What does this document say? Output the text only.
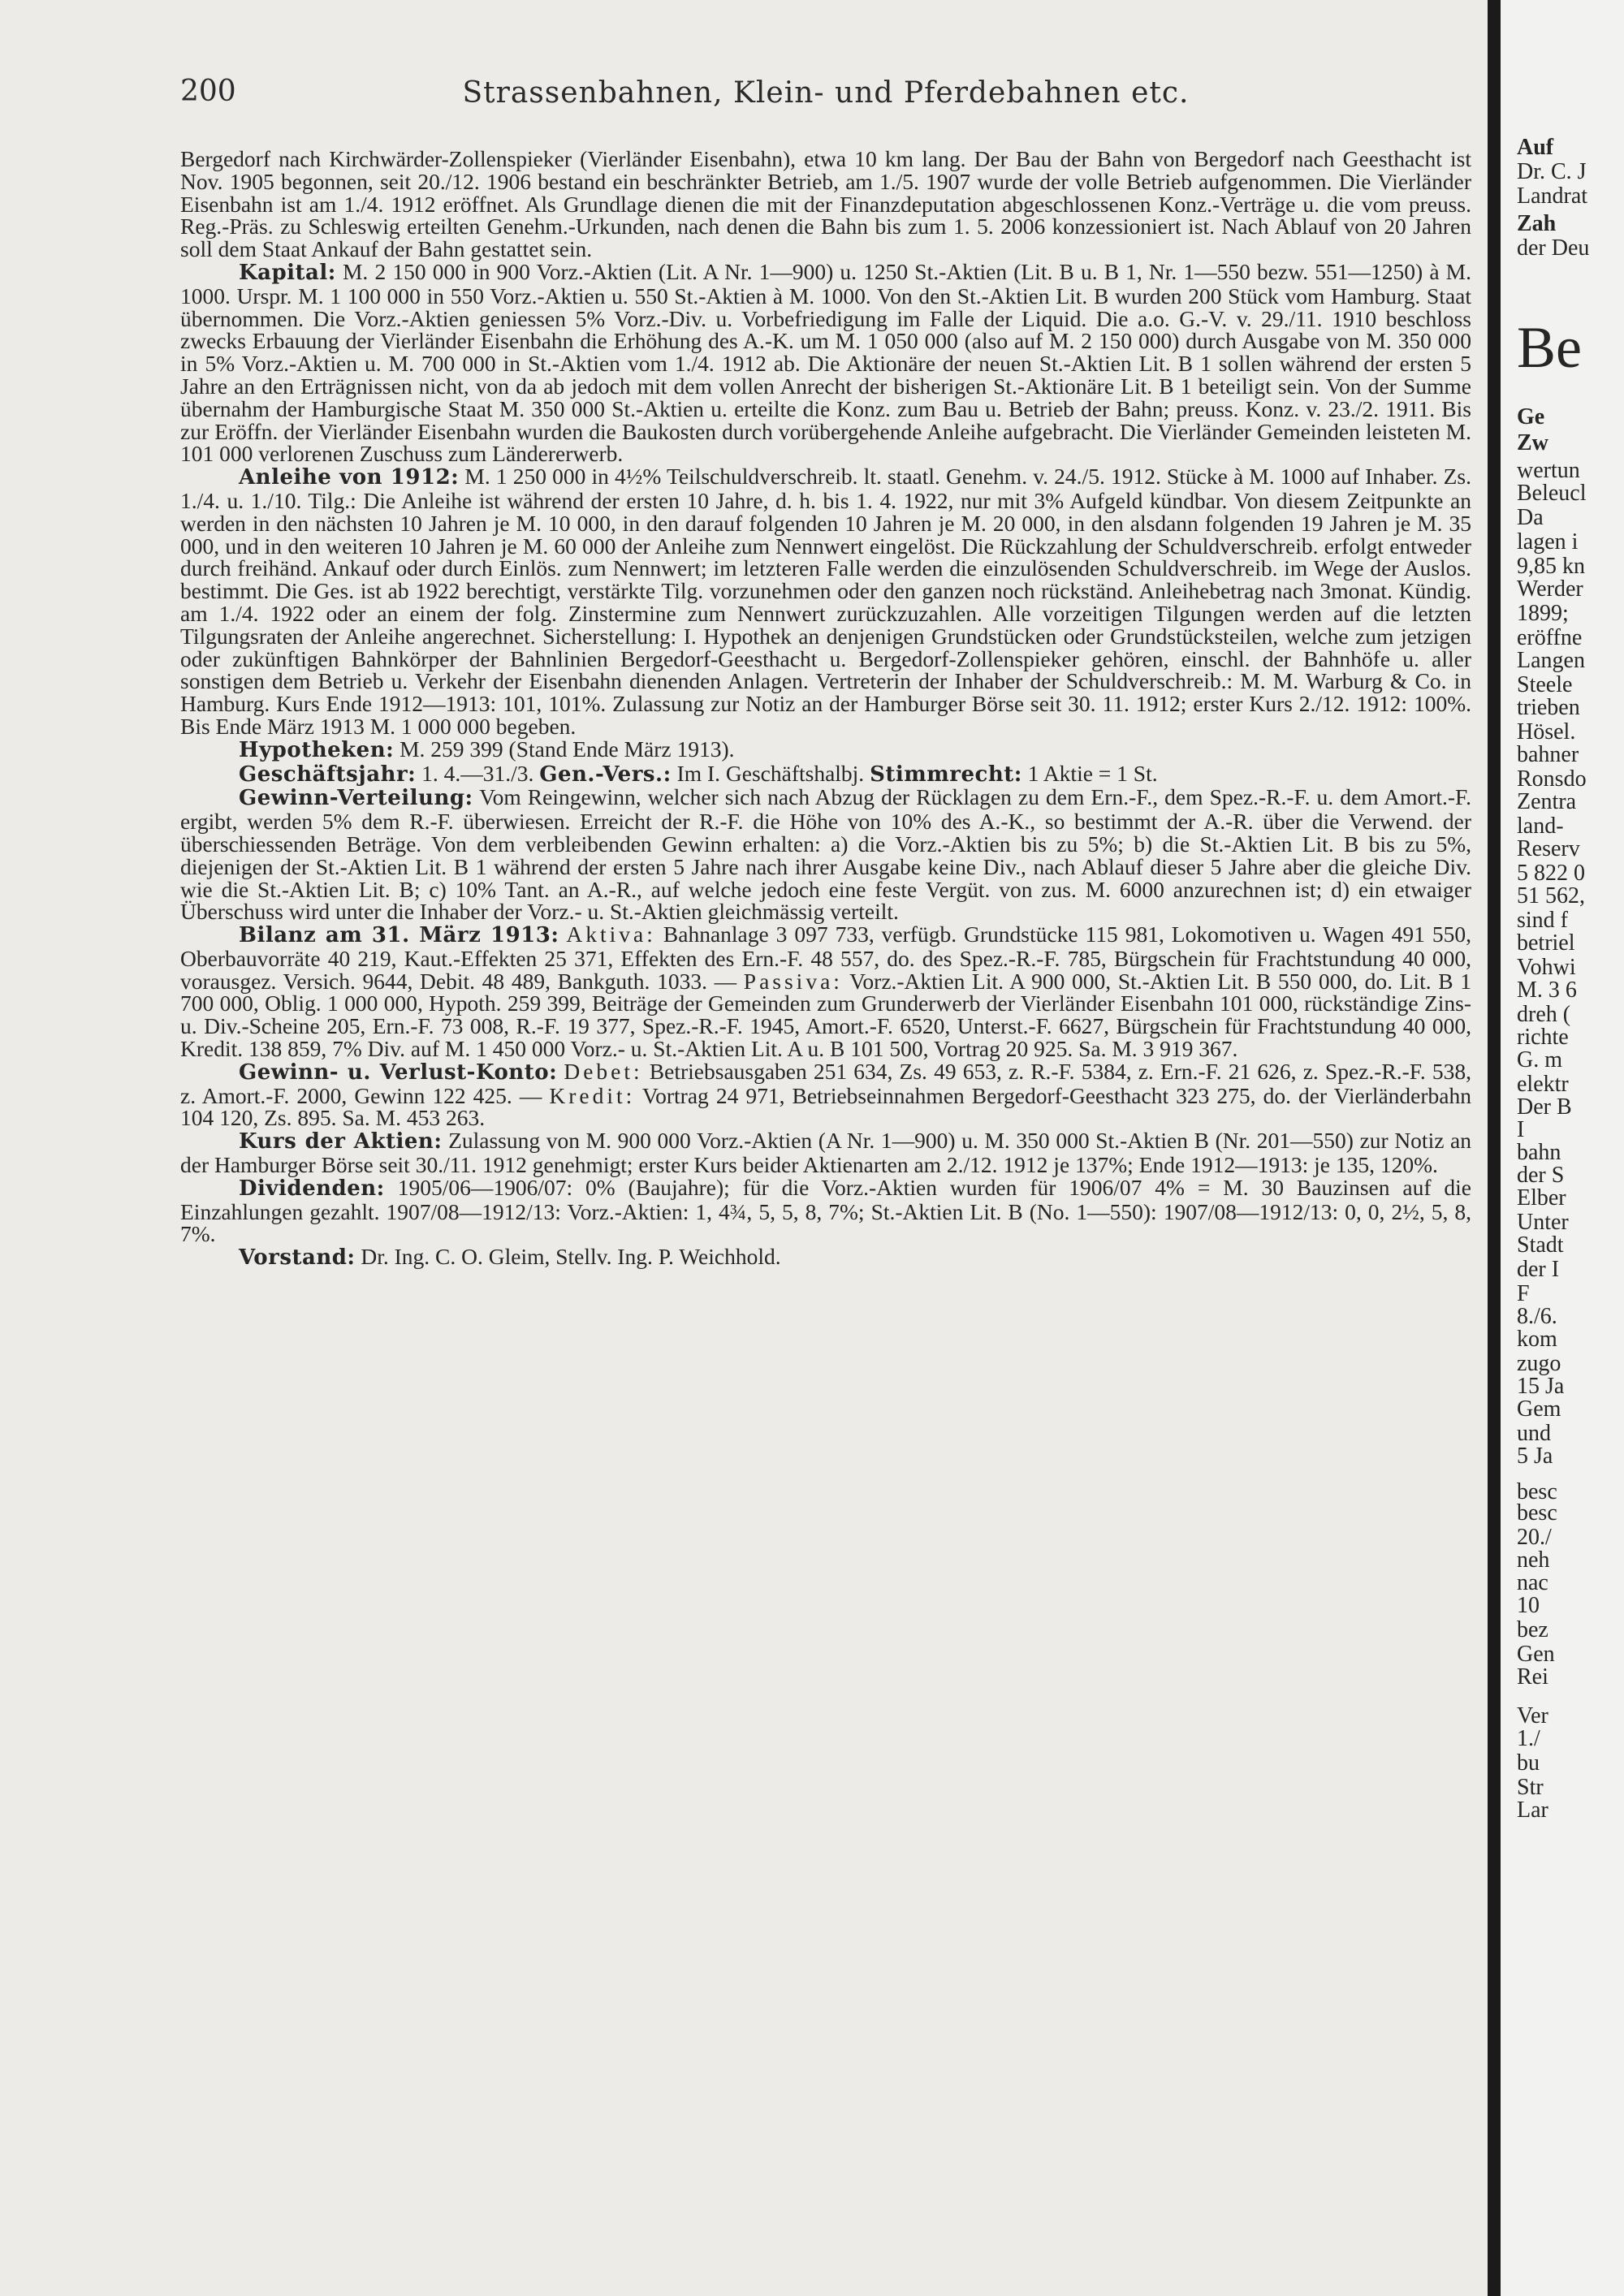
200	Strassenbahnen, Klein- und Pferdebahnen etc.

Bergedorf nach Kirchwärder-Zollenspieker (Vierländer Eisenbahn), etwa 10 km lang. Der Bau der Bahn von Bergedorf nach Geesthacht ist Nov. 1905 begonnen, seit 20./12. 1906 bestand ein beschränkter Betrieb, am 1./5. 1907 wurde der volle Betrieb aufgenommen. Die Vierländer Eisenbahn ist am 1./4. 1912 eröffnet. Als Grundlage dienen die mit der Finanzdeputation abgeschlossenen Konz.-Verträge u. die vom preuss. Reg.-Präs. zu Schleswig erteilten Genehm.-Urkunden, nach denen die Bahn bis zum 1. 5. 2006 konzessioniert ist. Nach Ablauf von 20 Jahren soll dem Staat Ankauf der Bahn gestattet sein.

Kapital: M. 2 150 000 in 900 Vorz.-Aktien (Lit. A Nr. 1—900) u. 1250 St.-Aktien (Lit. B u. B 1, Nr. 1—550 bezw. 551—1250) à M. 1000. Urspr. M. 1 100 000 in 550 Vorz.-Aktien u. 550 St.-Aktien à M. 1000. Von den St.-Aktien Lit. B wurden 200 Stück vom Hamburg. Staat übernommen. Die Vorz.-Aktien geniessen 5% Vorz.-Div. u. Vorbefriedigung im Falle der Liquid. Die a.o. G.-V. v. 29./11. 1910 beschloss zwecks Erbauung der Vierländer Eisenbahn die Erhöhung des A.-K. um M. 1 050 000 (also auf M. 2 150 000) durch Ausgabe von M. 350 000 in 5% Vorz.-Aktien u. M. 700 000 in St.-Aktien vom 1./4. 1912 ab. Die Aktionäre der neuen St.-Aktien Lit. B 1 sollen während der ersten 5 Jahre an den Erträgnissen nicht, von da ab jedoch mit dem vollen Anrecht der bisherigen St.-Aktionäre Lit. B 1 beteiligt sein. Von der Summe übernahm der Hamburgische Staat M. 350 000 St.-Aktien u. erteilte die Konz. zum Bau u. Betrieb der Bahn; preuss. Konz. v. 23./2. 1911. Bis zur Eröffn. der Vierländer Eisenbahn wurden die Baukosten durch vorübergehende Anleihe aufgebracht. Die Vierländer Gemeinden leisteten M. 101 000 verlorenen Zuschuss zum Ländererwerb.

Anleihe von 1912: M. 1 250 000 in 4½% Teilschuldverschreib. lt. staatl. Genehm. v. 24./5. 1912. Stücke à M. 1000 auf Inhaber. Zs. 1./4. u. 1./10. Tilg.: Die Anleihe ist während der ersten 10 Jahre, d. h. bis 1. 4. 1922, nur mit 3% Aufgeld kündbar. Von diesem Zeitpunkte an werden in den nächsten 10 Jahren je M. 10 000, in den darauf folgenden 10 Jahren je M. 20 000, in den alsdann folgenden 19 Jahren je M. 35 000, und in den weiteren 10 Jahren je M. 60 000 der Anleihe zum Nennwert eingelöst. Die Rückzahlung der Schuldverschreib. erfolgt entweder durch freihänd. Ankauf oder durch Einlös. zum Nennwert; im letzteren Falle werden die einzulösenden Schuldverschreib. im Wege der Auslos. bestimmt. Die Ges. ist ab 1922 berechtigt, verstärkte Tilg. vorzunehmen oder den ganzen noch rückständ. Anleihebetrag nach 3monat. Kündig. am 1./4. 1922 oder an einem der folg. Zinstermine zum Nennwert zurückzuzahlen. Alle vorzeitigen Tilgungen werden auf die letzten Tilgungsraten der Anleihe angerechnet. Sicherstellung: I. Hypothek an denjenigen Grundstücken oder Grundstücksteilen, welche zum jetzigen oder zukünftigen Bahnkörper der Bahnlinien Bergedorf-Geesthacht u. Bergedorf-Zollenspieker gehören, einschl. der Bahnhöfe u. aller sonstigen dem Betrieb u. Verkehr der Eisenbahn dienenden Anlagen. Vertreterin der Inhaber der Schuldverschreib.: M. M. Warburg & Co. in Hamburg. Kurs Ende 1912—1913: 101, 101%. Zulassung zur Notiz an der Hamburger Börse seit 30. 11. 1912; erster Kurs 2./12. 1912: 100%. Bis Ende März 1913 M. 1 000 000 begeben.

Hypotheken: M. 259 399 (Stand Ende März 1913).

Geschäftsjahr: 1. 4.—31./3. Gen.-Vers.: Im I. Geschäftshalbj. Stimmrecht: 1 Aktie = 1 St.

Gewinn-Verteilung: Vom Reingewinn, welcher sich nach Abzug der Rücklagen zu dem Ern.-F., dem Spez.-R.-F. u. dem Amort.-F. ergibt, werden 5% dem R.-F. überwiesen. Erreicht der R.-F. die Höhe von 10% des A.-K., so bestimmt der A.-R. über die Verwend. der überschiessenden Beträge. Von dem verbleibenden Gewinn erhalten: a) die Vorz.-Aktien bis zu 5%; b) die St.-Aktien Lit. B bis zu 5%, diejenigen der St.-Aktien Lit. B 1 während der ersten 5 Jahre nach ihrer Ausgabe keine Div., nach Ablauf dieser 5 Jahre aber die gleiche Div. wie die St.-Aktien Lit. B; c) 10% Tant. an A.-R., auf welche jedoch eine feste Vergüt. von zus. M. 6000 anzurechnen ist; d) ein etwaiger Überschuss wird unter die Inhaber der Vorz.- u. St.-Aktien gleichmässig verteilt.

Bilanz am 31. März 1913: Aktiva: Bahnanlage 3 097 733, verfügb. Grundstücke 115 981, Lokomotiven u. Wagen 491 550, Oberbauvorräte 40 219, Kaut.-Effekten 25 371, Effekten des Ern.-F. 48 557, do. des Spez.-R.-F. 785, Bürgschein für Frachtstundung 40 000, vorausgez. Versich. 9644, Debit. 48 489, Bankguth. 1033. — Passiva: Vorz.-Aktien Lit. A 900 000, St.-Aktien Lit. B 550 000, do. Lit. B 1 700 000, Oblig. 1 000 000, Hypoth. 259 399, Beiträge der Gemeinden zum Grunderwerb der Vierländer Eisenbahn 101 000, rückständige Zins- u. Div.-Scheine 205, Ern.-F. 73 008, R.-F. 19 377, Spez.-R.-F. 1945, Amort.-F. 6520, Unterst.-F. 6627, Bürgschein für Frachtstundung 40 000, Kredit. 138 859, 7% Div. auf M. 1 450 000 Vorz.- u. St.-Aktien Lit. A u. B 101 500, Vortrag 20 925. Sa. M. 3 919 367.

Gewinn- u. Verlust-Konto: Debet: Betriebsausgaben 251 634, Zs. 49 653, z. R.-F. 5384, z. Ern.-F. 21 626, z. Spez.-R.-F. 538, z. Amort.-F. 2000, Gewinn 122 425. — Kredit: Vortrag 24 971, Betriebseinnahmen Bergedorf-Geesthacht 323 275, do. der Vierländerbahn 104 120, Zs. 895. Sa. M. 453 263.

Kurs der Aktien: Zulassung von M. 900 000 Vorz.-Aktien (A Nr. 1—900) u. M. 350 000 St.-Aktien B (Nr. 201—550) zur Notiz an der Hamburger Börse seit 30./11. 1912 genehmigt; erster Kurs beider Aktienarten am 2./12. 1912 je 137%; Ende 1912—1913: je 135, 120%.

Dividenden: 1905/06—1906/07: 0% (Baujahre); für die Vorz.-Aktien wurden für 1906/07 4% = M. 30 Bauzinsen auf die Einzahlungen gezahlt. 1907/08—1912/13: Vorz.-Aktien: 1, 4¾, 5, 5, 8, 7%; St.-Aktien Lit. B (No. 1—550): 1907/08—1912/13: 0, 0, 2½, 5, 8, 7%.

Vorstand: Dr. Ing. C. O. Gleim, Stellv. Ing. P. Weichhold.

Auf
Dr. C. J
Landrat
Zah
der Deu
Be
Ge
Zw
wertun
Beleucl
Da
lagen i
9,85 kn
Werder
1899;
eröffne
Langen
Steele
trieben
Hösel.
bahner
Ronsdo
Zentra
land-
Reserv
5 822 0
51 562,
sind f
betriel
Vohwi
M. 3 6
dreh (
richte
G. m
elektr
Der B
I
bahn
der S
Elber
Unter
Stadt
der I
F
8./6.
kom
zugo
15 Ja
Gem
und
5 Ja
besc
besc
20./
neh
nac
10
bez
Gen
Rei
Ver
1./
bu
Str
Lar
